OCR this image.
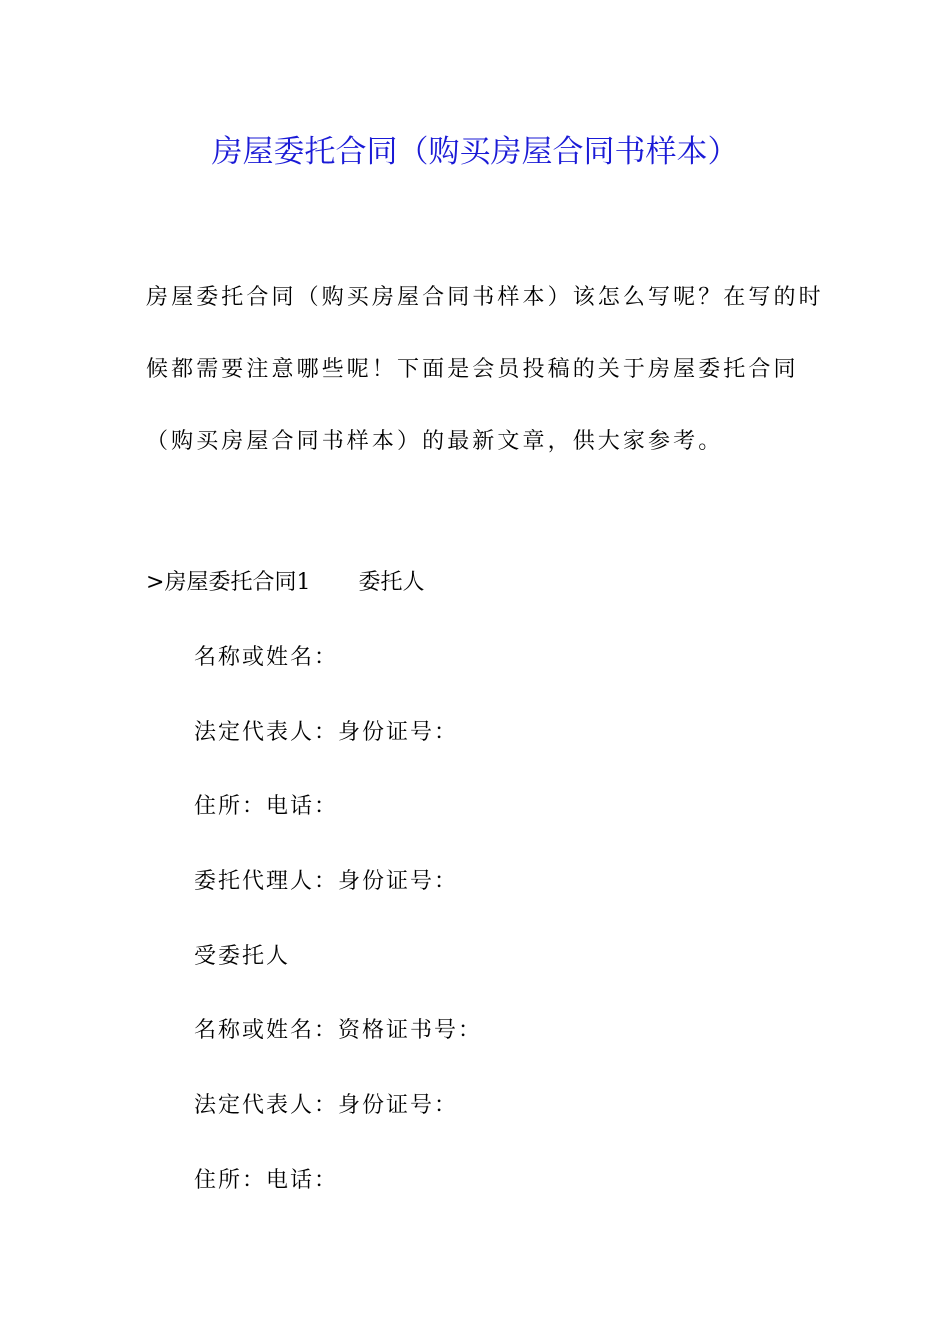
房屋委托合同（购买房屋合同书样本）
房屋委托合同（购买房屋合同书样本）该怎么写呢？在写的时
候都需要注意哪些呢！下面是会员投稿的关于房屋委托合同
（购买房屋合同书样本）的最新文章，供大家参考。
>房屋委托合同1 委托人

名称或姓名：

法定代表人：身份证号：

住所：电话：

委托代理人：身份证号：

受委托人

名称或姓名：资格证书号：

法定代表人：身份证号：

住所：电话：
